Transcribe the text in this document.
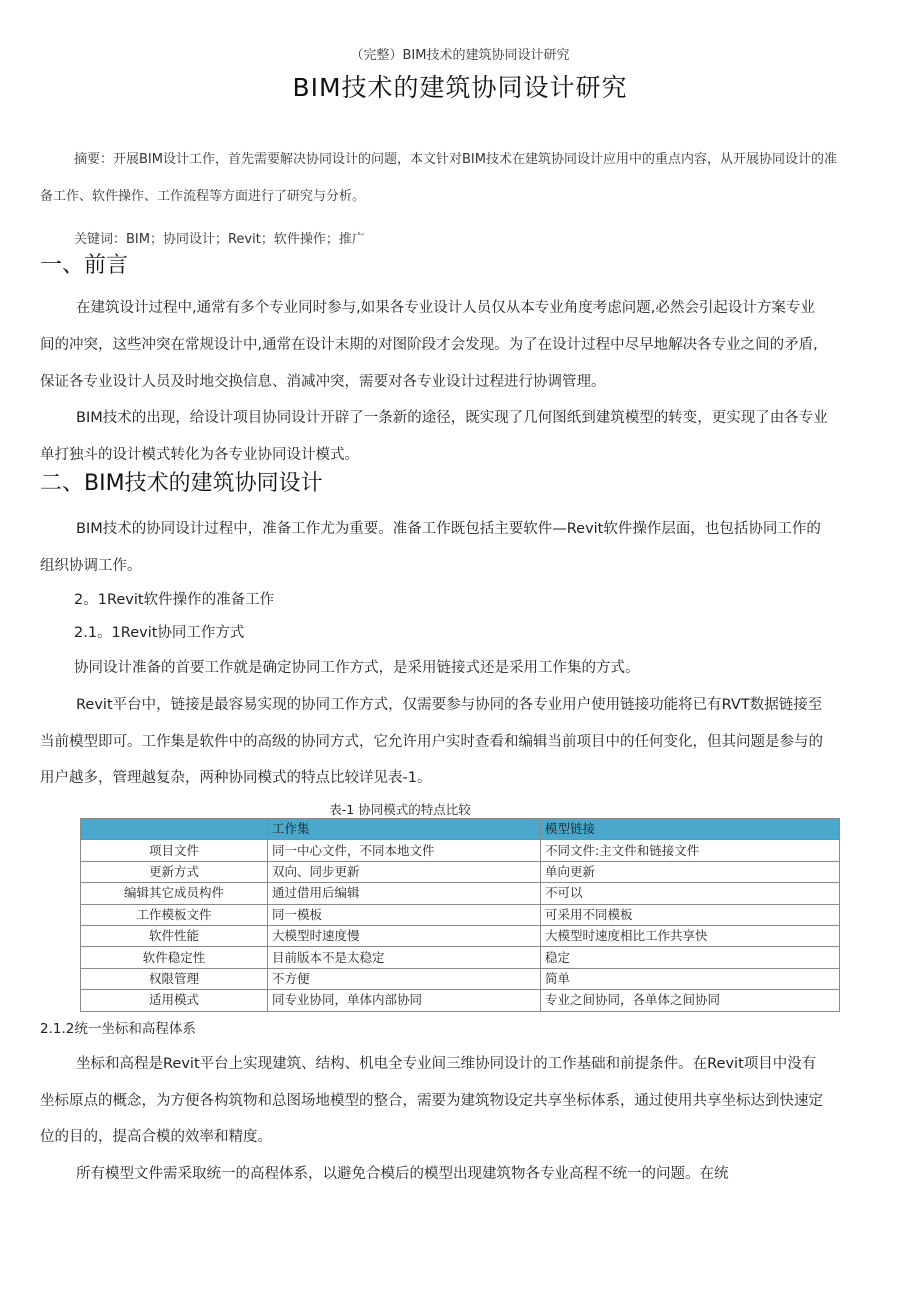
（完整）BIM技术的建筑协同设计研究
BIM技术的建筑协同设计研究
摘要：开展BIM设计工作，首先需要解决协同设计的问题，本文针对BIM技术在建筑协同设计应用中的重点内容，从开展协同设计的准
备工作、软件操作、工作流程等方面进行了研究与分析。
关键词：BIM；协同设计；Revit；软件操作；推广
一、前言
在建筑设计过程中,通常有多个专业同时参与,如果各专业设计人员仅从本专业角度考虑问题,必然会引起设计方案专业
间的冲突，这些冲突在常规设计中,通常在设计末期的对图阶段才会发现。为了在设计过程中尽早地解决各专业之间的矛盾,
保证各专业设计人员及时地交换信息、消减冲突，需要对各专业设计过程进行协调管理。
BIM技术的出现，给设计项目协同设计开辟了一条新的途径，既实现了几何图纸到建筑模型的转变，更实现了由各专业
单打独斗的设计模式转化为各专业协同设计模式。
二、BIM技术的建筑协同设计
BIM技术的协同设计过程中，准备工作尤为重要。准备工作既包括主要软件—Revit软件操作层面，也包括协同工作的
组织协调工作。
2。1Revit软件操作的准备工作
2.1。1Revit协同工作方式
协同设计准备的首要工作就是确定协同工作方式，是采用链接式还是采用工作集的方式。
Revit平台中，链接是最容易实现的协同工作方式，仅需要参与协同的各专业用户使用链接功能将已有RVT数据链接至
当前模型即可。工作集是软件中的高级的协同方式，它允许用户实时查看和编辑当前项目中的任何变化，但其问题是参与的
用户越多，管理越复杂，两种协同模式的特点比较详见表-1。
表-1 协同模式的特点比较
	工作集	模型链接
项目文件	同一中心文件，不同本地文件	不同文件:主文件和链接文件
更新方式	双向、同步更新	单向更新
编辑其它成员构件	通过借用后编辑	不可以
工作模板文件	同一模板	可采用不同模板
软件性能	大模型时速度慢	大模型时速度相比工作共享快
软件稳定性	目前版本不是太稳定	稳定
权限管理	不方便	简单
适用模式	同专业协同，单体内部协同	专业之间协同，各单体之间协同
2.1.2统一坐标和高程体系
坐标和高程是Revit平台上实现建筑、结构、机电全专业间三维协同设计的工作基础和前提条件。在Revit项目中没有
坐标原点的概念，为方便各构筑物和总图场地模型的整合，需要为建筑物设定共享坐标体系，通过使用共享坐标达到快速定
位的目的，提高合模的效率和精度。
所有模型文件需采取统一的高程体系，以避免合模后的模型出现建筑物各专业高程不统一的问题。在统
